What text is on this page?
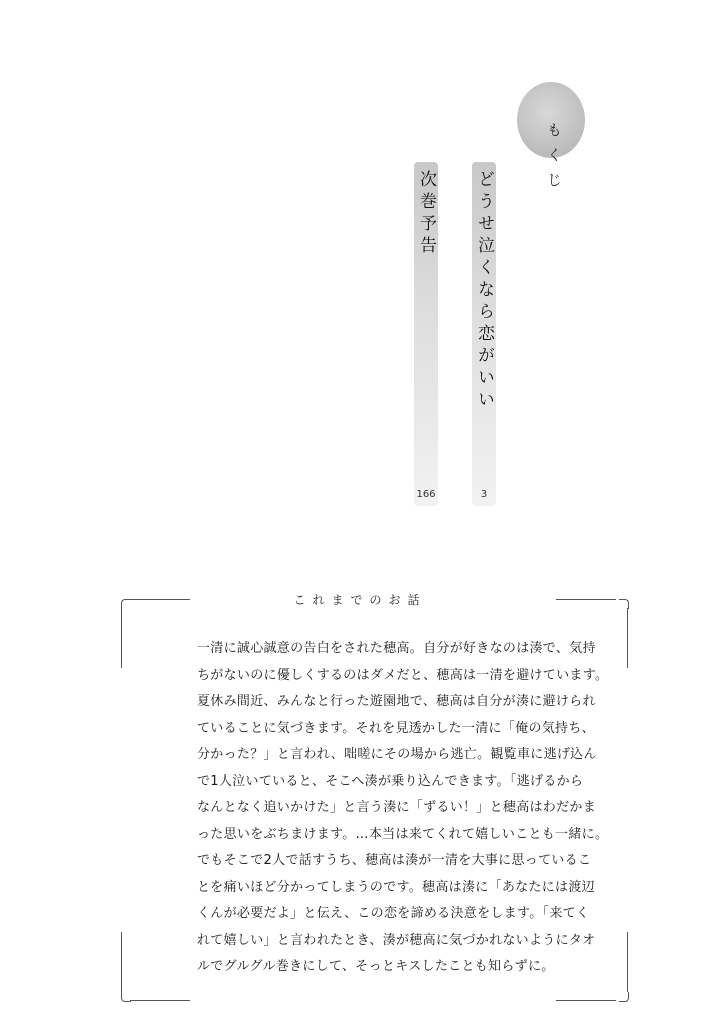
もくじ
どうせ泣くなら恋がいい
3
次巻予告
166
これまでのお話
一清に誠心誠意の告白をされた穂高。自分が好きなのは湊で、気持
ちがないのに優しくするのはダメだと、穂高は一清を避けています。
夏休み間近、みんなと行った遊園地で、穂高は自分が湊に避けられ
ていることに気づきます。それを見透かした一清に「俺の気持ち、
分かった？」と言われ、咄嗟にその場から逃亡。観覧車に逃げ込ん
で1人泣いていると、そこへ湊が乗り込んできます。「逃げるから
なんとなく追いかけた」と言う湊に「ずるい！」と穂高はわだかま
った思いをぶちまけます。…本当は来てくれて嬉しいことも一緒に。
でもそこで2人で話すうち、穂高は湊が一清を大事に思っているこ
とを痛いほど分かってしまうのです。穂高は湊に「あなたには渡辺
くんが必要だよ」と伝え、この恋を諦める決意をします。「来てく
れて嬉しい」と言われたとき、湊が穂高に気づかれないようにタオ
ルでグルグル巻きにして、そっとキスしたことも知らずに。
